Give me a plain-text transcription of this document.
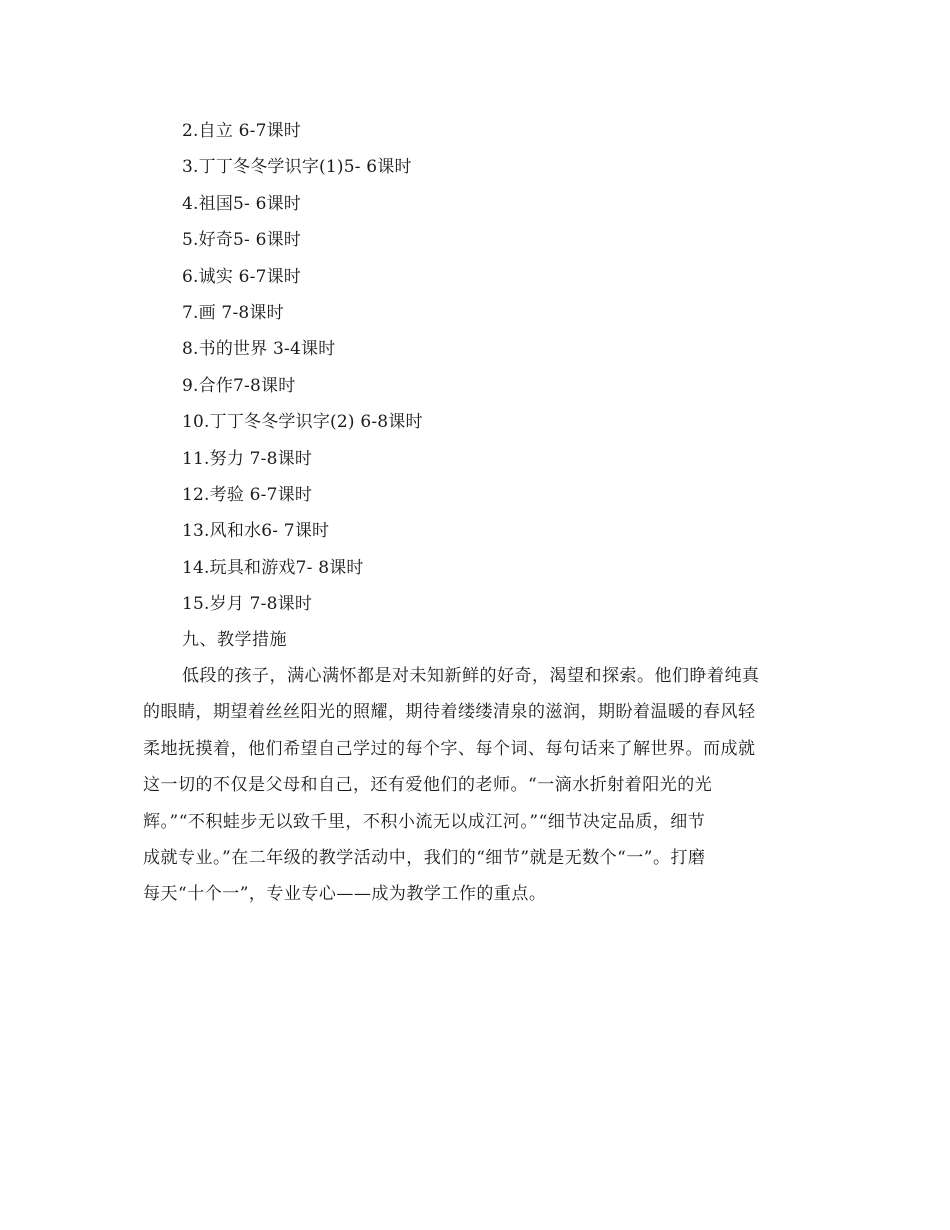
2.自立 6-7课时
3.丁丁冬冬学识字(1)5- 6课时
4.祖国5- 6课时
5.好奇5- 6课时
6.诚实 6-7课时
7.画 7-8课时
8.书的世界 3-4课时
9.合作7-8课时
10.丁丁冬冬学识字(2) 6-8课时
11.努力 7-8课时
12.考验 6-7课时
13.风和水6- 7课时
14.玩具和游戏7- 8课时
15.岁月 7-8课时
九、教学措施

低段的孩子，满心满怀都是对未知新鲜的好奇，渴望和探索。他们睁着纯真
的眼睛，期望着丝丝阳光的照耀，期待着缕缕清泉的滋润，期盼着温暖的春风轻
柔地抚摸着，他们希望自己学过的每个字、每个词、每句话来了解世界。而成就
这一切的不仅是父母和自己，还有爱他们的老师。“一滴水折射着阳光的光
辉。”“不积蛙步无以致千里，不积小流无以成江河。”“细节决定品质，细节
成就专业。”在二年级的教学活动中，我们的“细节”就是无数个“一”。打磨
每天“十个一”，专业专心——成为教学工作的重点。
